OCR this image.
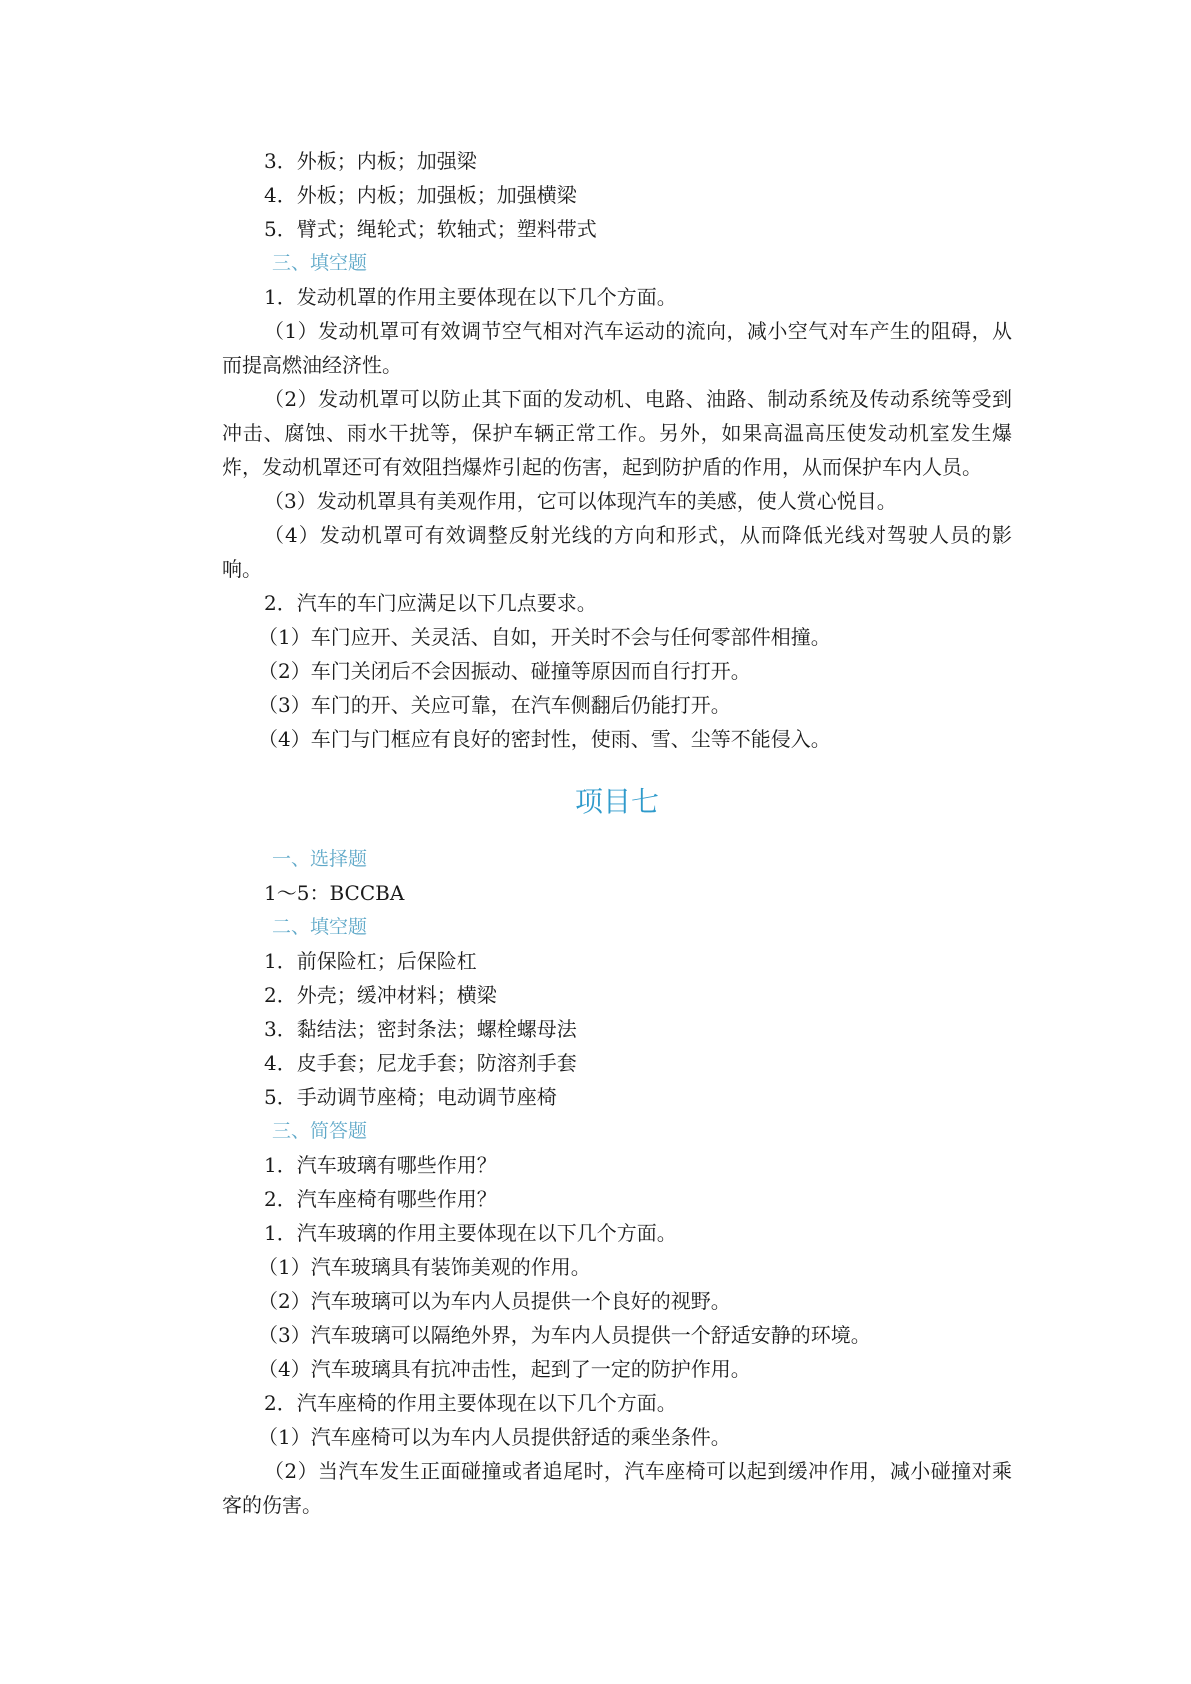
3．外板；内板；加强梁
4．外板；内板；加强板；加强横梁
5．臂式；绳轮式；软轴式；塑料带式
三、填空题
1．发动机罩的作用主要体现在以下几个方面。
（1）发动机罩可有效调节空气相对汽车运动的流向，减小空气对车产生的阻碍，从而提高燃油经济性。
（2）发动机罩可以防止其下面的发动机、电路、油路、制动系统及传动系统等受到冲击、腐蚀、雨水干扰等，保护车辆正常工作。另外，如果高温高压使发动机室发生爆炸，发动机罩还可有效阻挡爆炸引起的伤害，起到防护盾的作用，从而保护车内人员。
（3）发动机罩具有美观作用，它可以体现汽车的美感，使人赏心悦目。
（4）发动机罩可有效调整反射光线的方向和形式，从而降低光线对驾驶人员的影响。
2．汽车的车门应满足以下几点要求。
（1）车门应开、关灵活、自如，开关时不会与任何零部件相撞。
（2）车门关闭后不会因振动、碰撞等原因而自行打开。
（3）车门的开、关应可靠，在汽车侧翻后仍能打开。
（4）车门与门框应有良好的密封性，使雨、雪、尘等不能侵入。
项目七
一、选择题
1～5：BCCBA
二、填空题
1．前保险杠；后保险杠
2．外壳；缓冲材料；横梁
3．黏结法；密封条法；螺栓螺母法
4．皮手套；尼龙手套；防溶剂手套
5．手动调节座椅；电动调节座椅
三、简答题
1．汽车玻璃有哪些作用？
2．汽车座椅有哪些作用？
1．汽车玻璃的作用主要体现在以下几个方面。
（1）汽车玻璃具有装饰美观的作用。
（2）汽车玻璃可以为车内人员提供一个良好的视野。
（3）汽车玻璃可以隔绝外界，为车内人员提供一个舒适安静的环境。
（4）汽车玻璃具有抗冲击性，起到了一定的防护作用。
2．汽车座椅的作用主要体现在以下几个方面。
（1）汽车座椅可以为车内人员提供舒适的乘坐条件。
（2）当汽车发生正面碰撞或者追尾时，汽车座椅可以起到缓冲作用，减小碰撞对乘客的伤害。
